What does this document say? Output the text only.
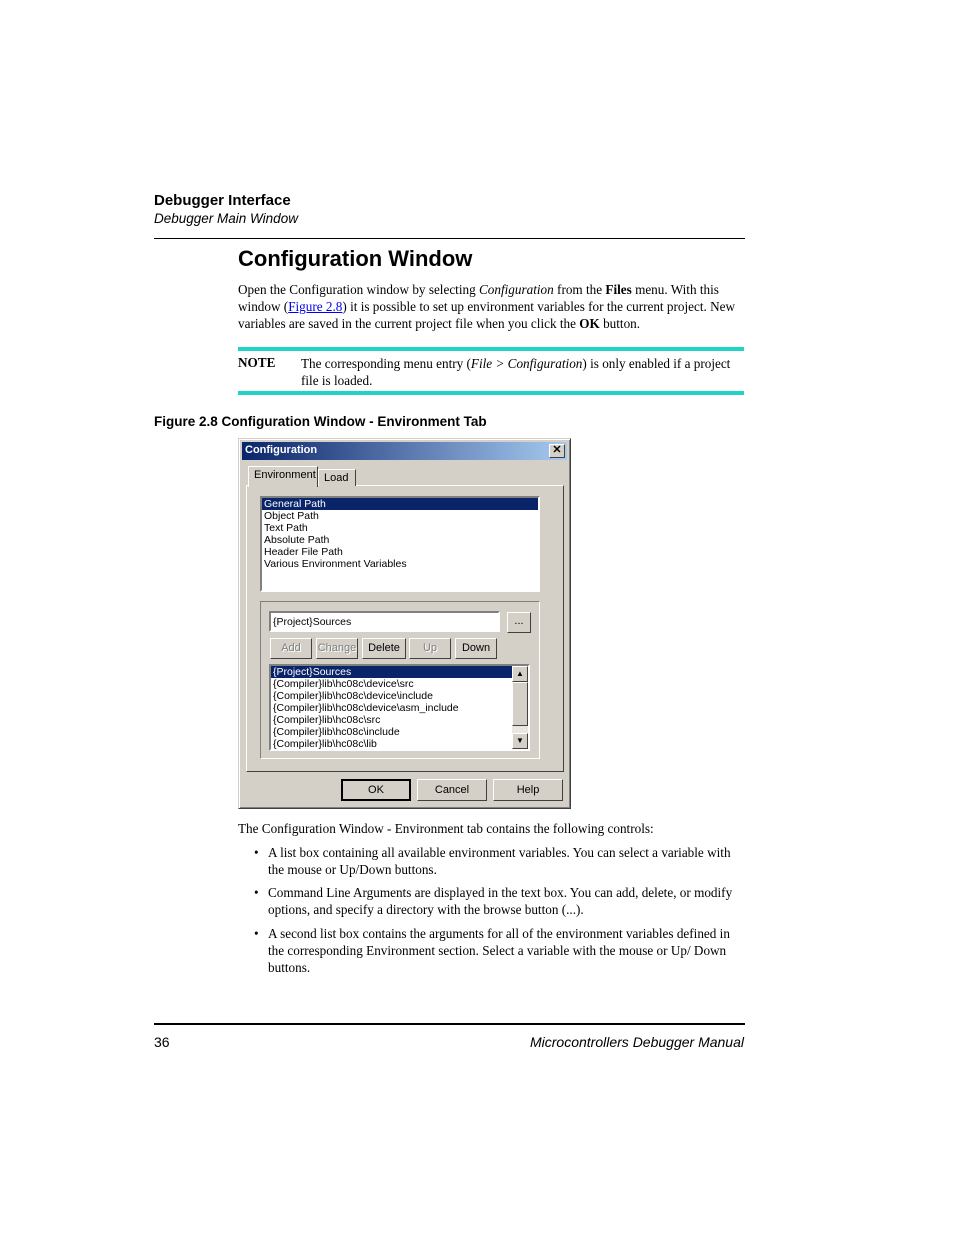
Debugger Interface
Debugger Main Window
Configuration Window
Open the Configuration window by selecting Configuration from the Files menu. With this window (Figure 2.8) it is possible to set up environment variables for the current project. New variables are saved in the current project file when you click the OK button.
NOTE The corresponding menu entry (File > Configuration) is only enabled if a project file is loaded.
Figure 2.8 Configuration Window - Environment Tab
Configuration	✕
Environment Load
General Path
Object Path
Text Path
Absolute Path
Header File Path
Various Environment Variables
{Project}Sources	...
Add	Change	Delete	Up	Down
{Project}Sources
{Compiler}lib\hc08c\device\src
{Compiler}lib\hc08c\device\include
{Compiler}lib\hc08c\device\asm_include
{Compiler}lib\hc08c\src
{Compiler}lib\hc08c\include
{Compiler}lib\hc08c\lib
▲
▼
OK	Cancel	Help
The Configuration Window - Environment tab contains the following controls:
• A list box containing all available environment variables. You can select a variable with the mouse or Up/Down buttons.
• Command Line Arguments are displayed in the text box. You can add, delete, or modify options, and specify a directory with the browse button (...).
• A second list box contains the arguments for all of the environment variables defined in the corresponding Environment section. Select a variable with the mouse or Up/ Down buttons.
36	Microcontrollers Debugger Manual
